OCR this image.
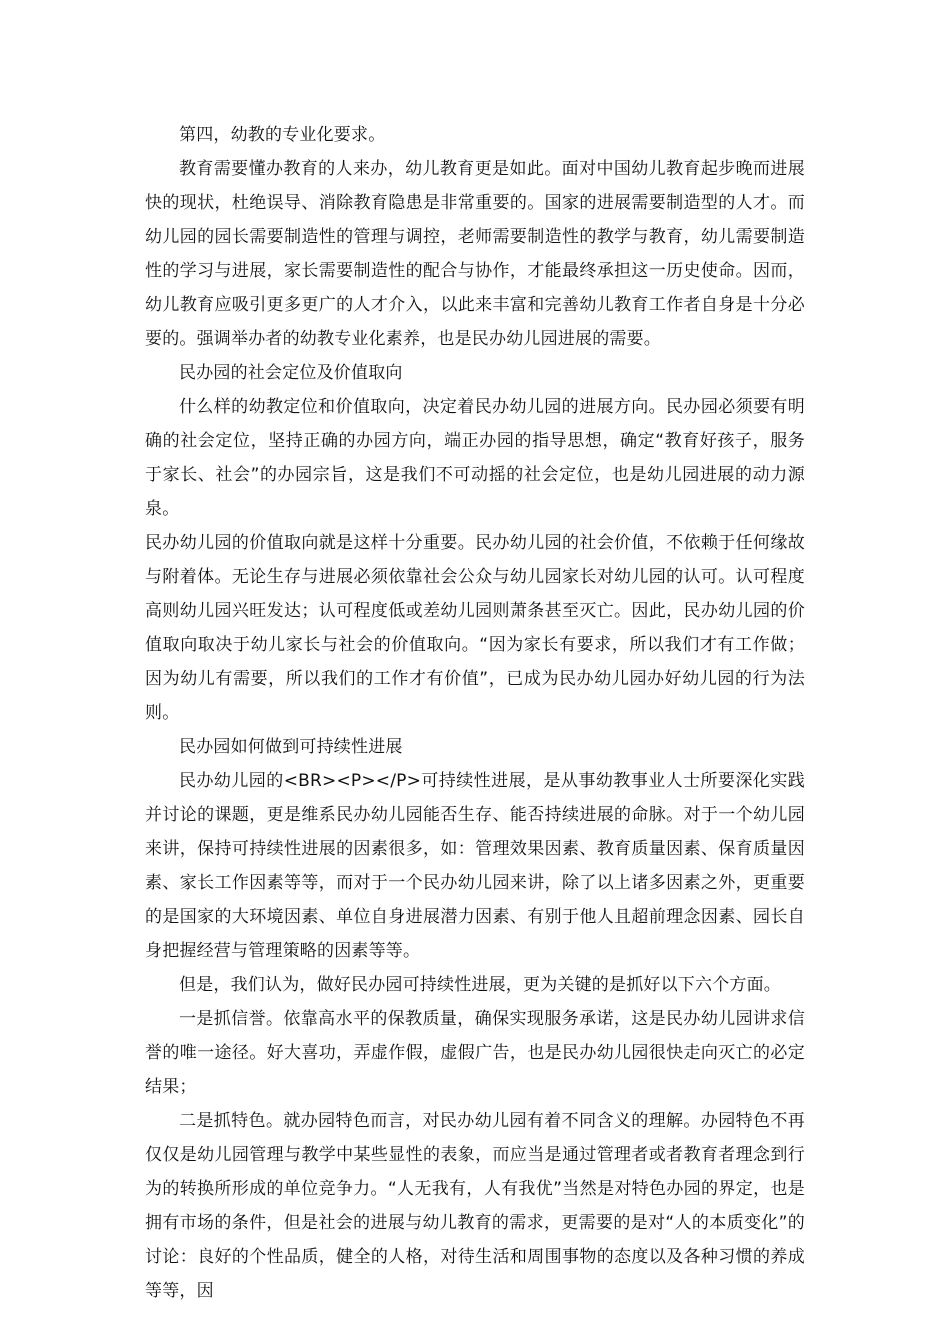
第四，幼教的专业化要求。

教育需要懂办教育的人来办，幼儿教育更是如此。面对中国幼儿教育起步晚而进展快的现状，杜绝误导、消除教育隐患是非常重要的。国家的进展需要制造型的人才。而幼儿园的园长需要制造性的管理与调控，老师需要制造性的教学与教育，幼儿需要制造性的学习与进展，家长需要制造性的配合与协作，才能最终承担这一历史使命。因而，幼儿教育应吸引更多更广的人才介入，以此来丰富和完善幼儿教育工作者自身是十分必要的。强调举办者的幼教专业化素养，也是民办幼儿园进展的需要。

民办园的社会定位及价值取向

什么样的幼教定位和价值取向，决定着民办幼儿园的进展方向。民办园必须要有明确的社会定位，坚持正确的办园方向，端正办园的指导思想，确定“教育好孩子，服务于家长、社会”的办园宗旨，这是我们不可动摇的社会定位，也是幼儿园进展的动力源泉。

民办幼儿园的价值取向就是这样十分重要。民办幼儿园的社会价值，不依赖于任何缘故与附着体。无论生存与进展必须依靠社会公众与幼儿园家长对幼儿园的认可。认可程度高则幼儿园兴旺发达；认可程度低或差幼儿园则萧条甚至灭亡。因此，民办幼儿园的价值取向取决于幼儿家长与社会的价值取向。“因为家长有要求，所以我们才有工作做；因为幼儿有需要，所以我们的工作才有价值”，已成为民办幼儿园办好幼儿园的行为法则。

民办园如何做到可持续性进展

民办幼儿园的<BR><P></P>可持续性进展，是从事幼教事业人士所要深化实践并讨论的课题，更是维系民办幼儿园能否生存、能否持续进展的命脉。对于一个幼儿园来讲，保持可持续性进展的因素很多，如：管理效果因素、教育质量因素、保育质量因素、家长工作因素等等，而对于一个民办幼儿园来讲，除了以上诸多因素之外，更重要的是国家的大环境因素、单位自身进展潜力因素、有别于他人且超前理念因素、园长自身把握经营与管理策略的因素等等。

但是，我们认为，做好民办园可持续性进展，更为关键的是抓好以下六个方面。

一是抓信誉。依靠高水平的保教质量，确保实现服务承诺，这是民办幼儿园讲求信誉的唯一途径。好大喜功，弄虚作假，虚假广告，也是民办幼儿园很快走向灭亡的必定结果；

二是抓特色。就办园特色而言，对民办幼儿园有着不同含义的理解。办园特色不再仅仅是幼儿园管理与教学中某些显性的表象，而应当是通过管理者或者教育者理念到行为的转换所形成的单位竞争力。“人无我有，人有我优”当然是对特色办园的界定，也是拥有市场的条件，但是社会的进展与幼儿教育的需求，更需要的是对“人的本质变化”的讨论：良好的个性品质，健全的人格，对待生活和周围事物的态度以及各种习惯的养成等等，因
